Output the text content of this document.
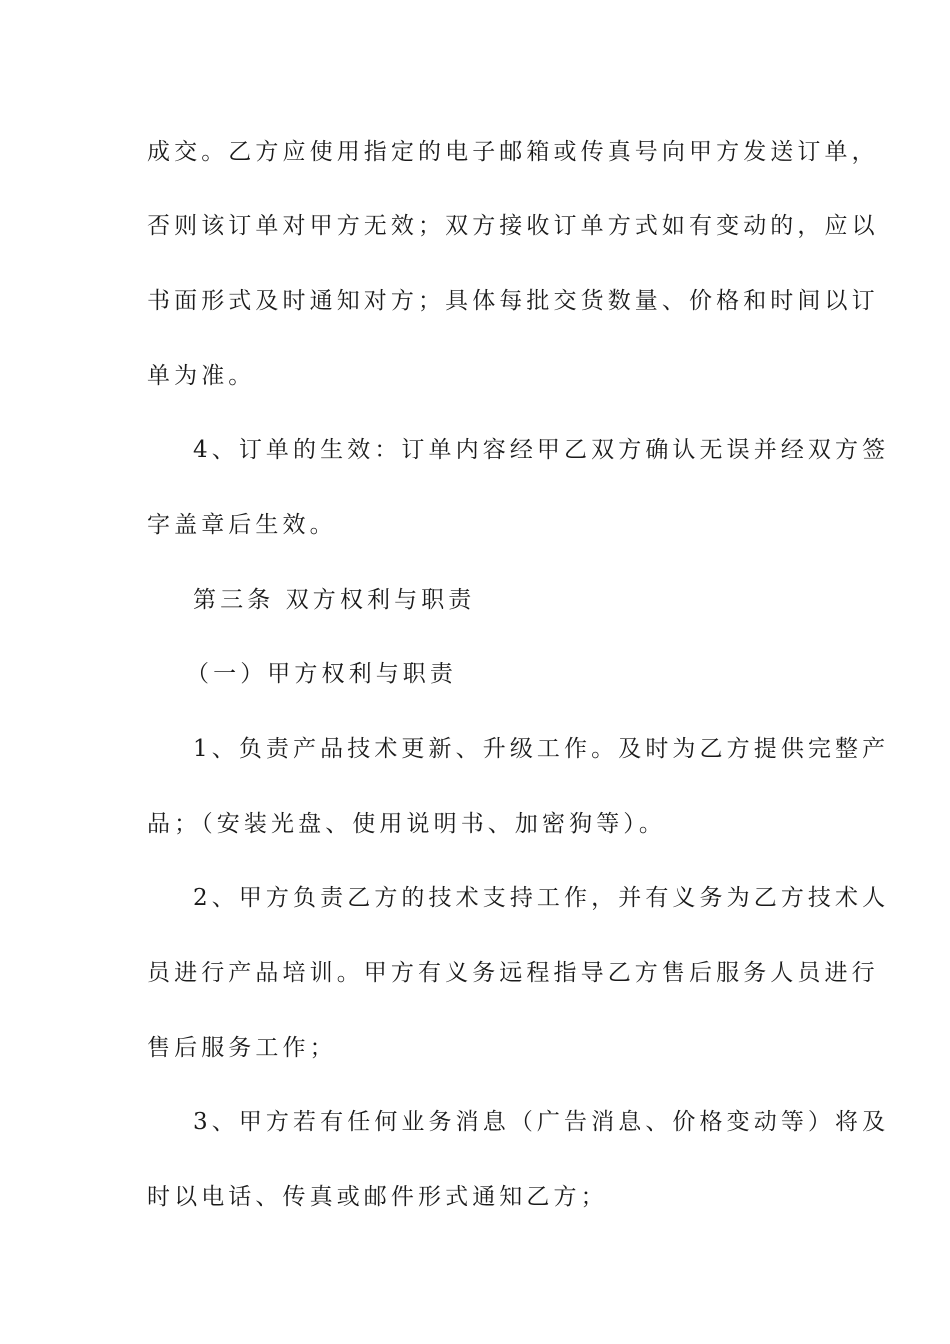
成交。乙方应使用指定的电子邮箱或传真号向甲方发送订单，
否则该订单对甲方无效；双方接收订单方式如有变动的，应以
书面形式及时通知对方；具体每批交货数量、价格和时间以订
单为准。
4、订单的生效：订单内容经甲乙双方确认无误并经双方签
字盖章后生效。
第三条 双方权利与职责
（一）甲方权利与职责
1、负责产品技术更新、升级工作。及时为乙方提供完整产
品；（安装光盘、使用说明书、加密狗等）。
2、甲方负责乙方的技术支持工作，并有义务为乙方技术人
员进行产品培训。甲方有义务远程指导乙方售后服务人员进行
售后服务工作；
3、甲方若有任何业务消息（广告消息、价格变动等）将及
时以电话、传真或邮件形式通知乙方；
